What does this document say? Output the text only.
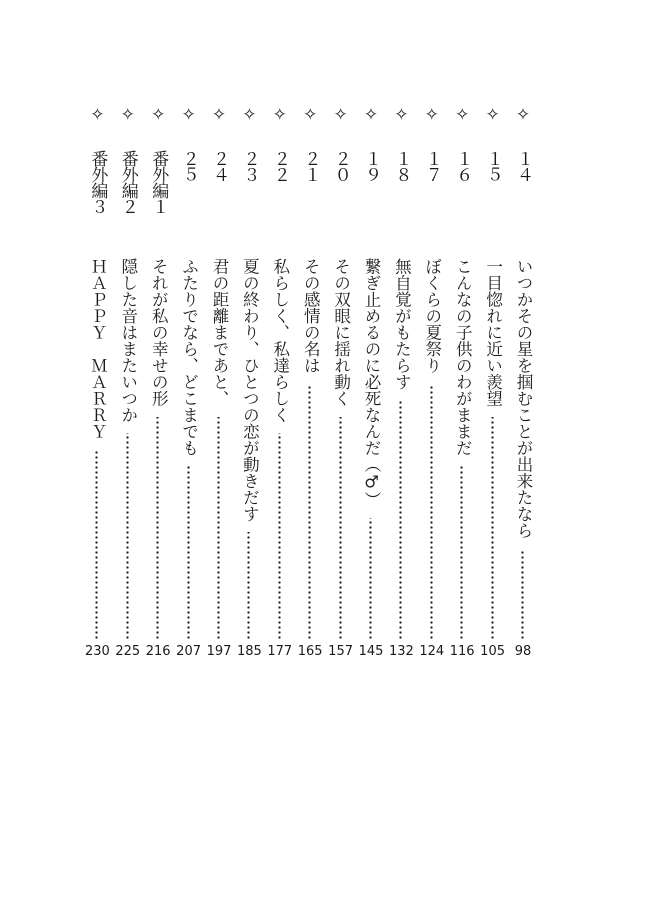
✧
１４
いつかその星を掴むことが出来たなら
98
✧
１５
一目惚れに近い羨望
105
✧
１６
こんなの子供のわがままだ
116
✧
１７
ぼくらの夏祭り
124
✧
１８
無自覚がもたらす
132
✧
１９
繋ぎ止めるのに必死なんだ（♂）
145
✧
２０
その双眼に揺れ動く
157
✧
２１
その感情の名は
165
✧
２２
私らしく、私達らしく
177
✧
２３
夏の終わり、ひとつの恋が動きだす
185
✧
２４
君の距離まであと、
197
✧
２５
ふたりでなら、どこまでも
207
✧
番外編１
それが私の幸せの形
216
✧
番外編２
隠した音はまたいつか
225
✧
番外編３
ＨＡＰＰＹ　ＭＡＲＲＹ
230
